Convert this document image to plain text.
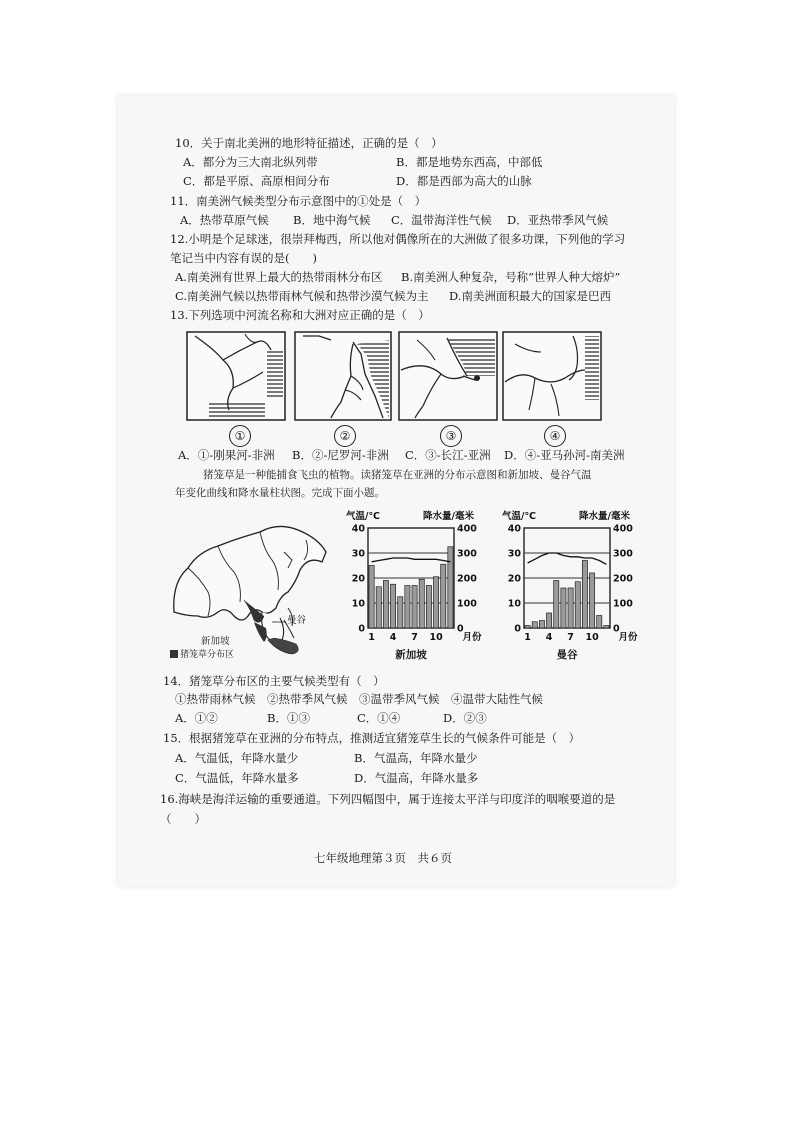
10．关于南北美洲的地形特征描述，正确的是（　）
A．都分为三大南北纵列带	B．都是地势东西高，中部低
C．都是平原、高原相间分布	D．都是西部为高大的山脉
11．南美洲气候类型分布示意图中的①处是（　）
A．热带草原气候 B．地中海气候 C．温带海洋性气候 D．亚热带季风气候
12.小明是个足球迷，很崇拜梅西，所以他对偶像所在的大洲做了很多功课，下列他的学习
笔记当中内容有误的是(　　)
A.南美洲有世界上最大的热带雨林分布区 B.南美洲人种复杂，号称“世界人种大熔炉”
C.南美洲气候以热带雨林气候和热带沙漠气候为主 D.南美洲面积最大的国家是巴西
13.下列选项中河流名称和大洲对应正确的是（　）
①	②	③	④
A．①-刚果河-非洲 B．②-尼罗河-非洲 C．③-长江-亚洲 D．④-亚马孙河-南美洲
猪笼草是一种能捕食飞虫的植物。读猪笼草在亚洲的分布示意图和新加坡、曼谷气温
年变化曲线和降水量柱状图。完成下面小题。
曼谷
新加坡
猪笼草分布区
气温/℃	降水量/毫米
40
30
20
10
0
400
300
200
100
0
1 4 7 10 月份
新加坡
气温/℃	降水量/毫米
40
30
20
10
0
400
300
200
100
0
1 4 7 10 月份
曼谷
14．猪笼草分布区的主要气候类型有（　）
①热带雨林气候　②热带季风气候　③温带季风气候　④温带大陆性气候
A．①②	B．①③	C．①④	D．②③
15．根据猪笼草在亚洲的分布特点，推测适宜猪笼草生长的气候条件可能是（　）
A．气温低，年降水量少	B．气温高，年降水量少
C．气温低，年降水量多	D．气温高，年降水量多
16.海峡是海洋运输的重要通道。下列四幅图中，属于连接太平洋与印度洋的咽喉要道的是
（　　）
七年级地理第３页　共６页
